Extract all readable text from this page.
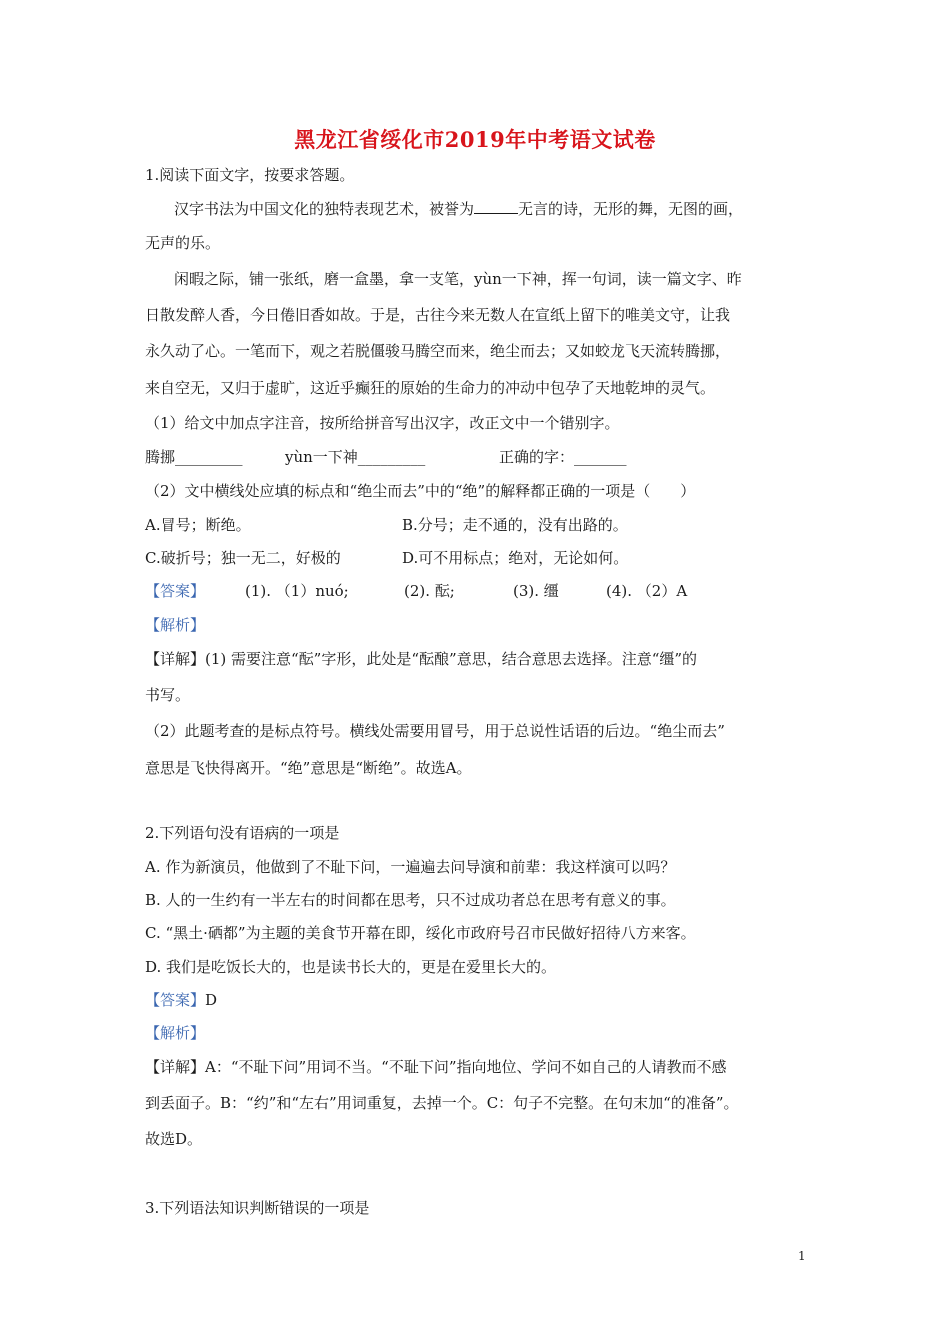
黑龙江省绥化市2019年中考语文试卷
1.阅读下面文字，按要求答题。
汉字书法为中国文化的独特表现艺术，被誉为	无言的诗，无形的舞，无图的画，
无声的乐。
闲暇之际，铺一张纸，磨一盒墨，拿一支笔，yùn一下神，挥一句词，读一篇文字、昨
日散发醉人香，今日倦旧香如故。于是，古往今来无数人在宣纸上留下的唯美文守，让我
永久动了心。一笔而下，观之若脱僵骏马腾空而来，绝尘而去；又如蛟龙飞天流转腾挪，
来自空无，又归于虚旷，这近乎癫狂的原始的生命力的冲动中包孕了天地乾坤的灵气。
（1）给文中加点字注音，按所给拼音写出汉字，改正文中一个错别字。
腾挪_________	yùn一下神_________	正确的字：_______
（2）文中横线处应填的标点和“绝尘而去”中的“绝”的解释都正确的一项是（　　）
A.冒号；断绝。	B.分号；走不通的，没有出路的。
C.破折号；独一无二，好极的	D.可不用标点；绝对，无论如何。
【答案】	(1). （1）nuó;	(2). 酝;	(3). 缰	(4). （2）A
【解析】
【详解】(1) 需要注意“酝”字形，此处是“酝酿”意思，结合意思去选择。注意“缰”的
书写。
（2）此题考查的是标点符号。横线处需要用冒号，用于总说性话语的后边。“绝尘而去”
意思是飞快得离开。“绝”意思是“断绝”。故选A。
2.下列语句没有语病的一项是
A. 作为新演员，他做到了不耻下问，一遍遍去问导演和前辈：我这样演可以吗？
B. 人的一生约有一半左右的时间都在思考，只不过成功者总在思考有意义的事。
C. “黑土·硒都”为主题的美食节开幕在即，绥化市政府号召市民做好招待八方来客。
D. 我们是吃饭长大的，也是读书长大的，更是在爱里长大的。
【答案】D
【解析】
【详解】A：“不耻下问”用词不当。“不耻下问”指向地位、学问不如自己的人请教而不感
到丢面子。B：“约”和“左右”用词重复，去掉一个。C：句子不完整。在句末加“的准备”。
故选D。
3.下列语法知识判断错误的一项是
1
